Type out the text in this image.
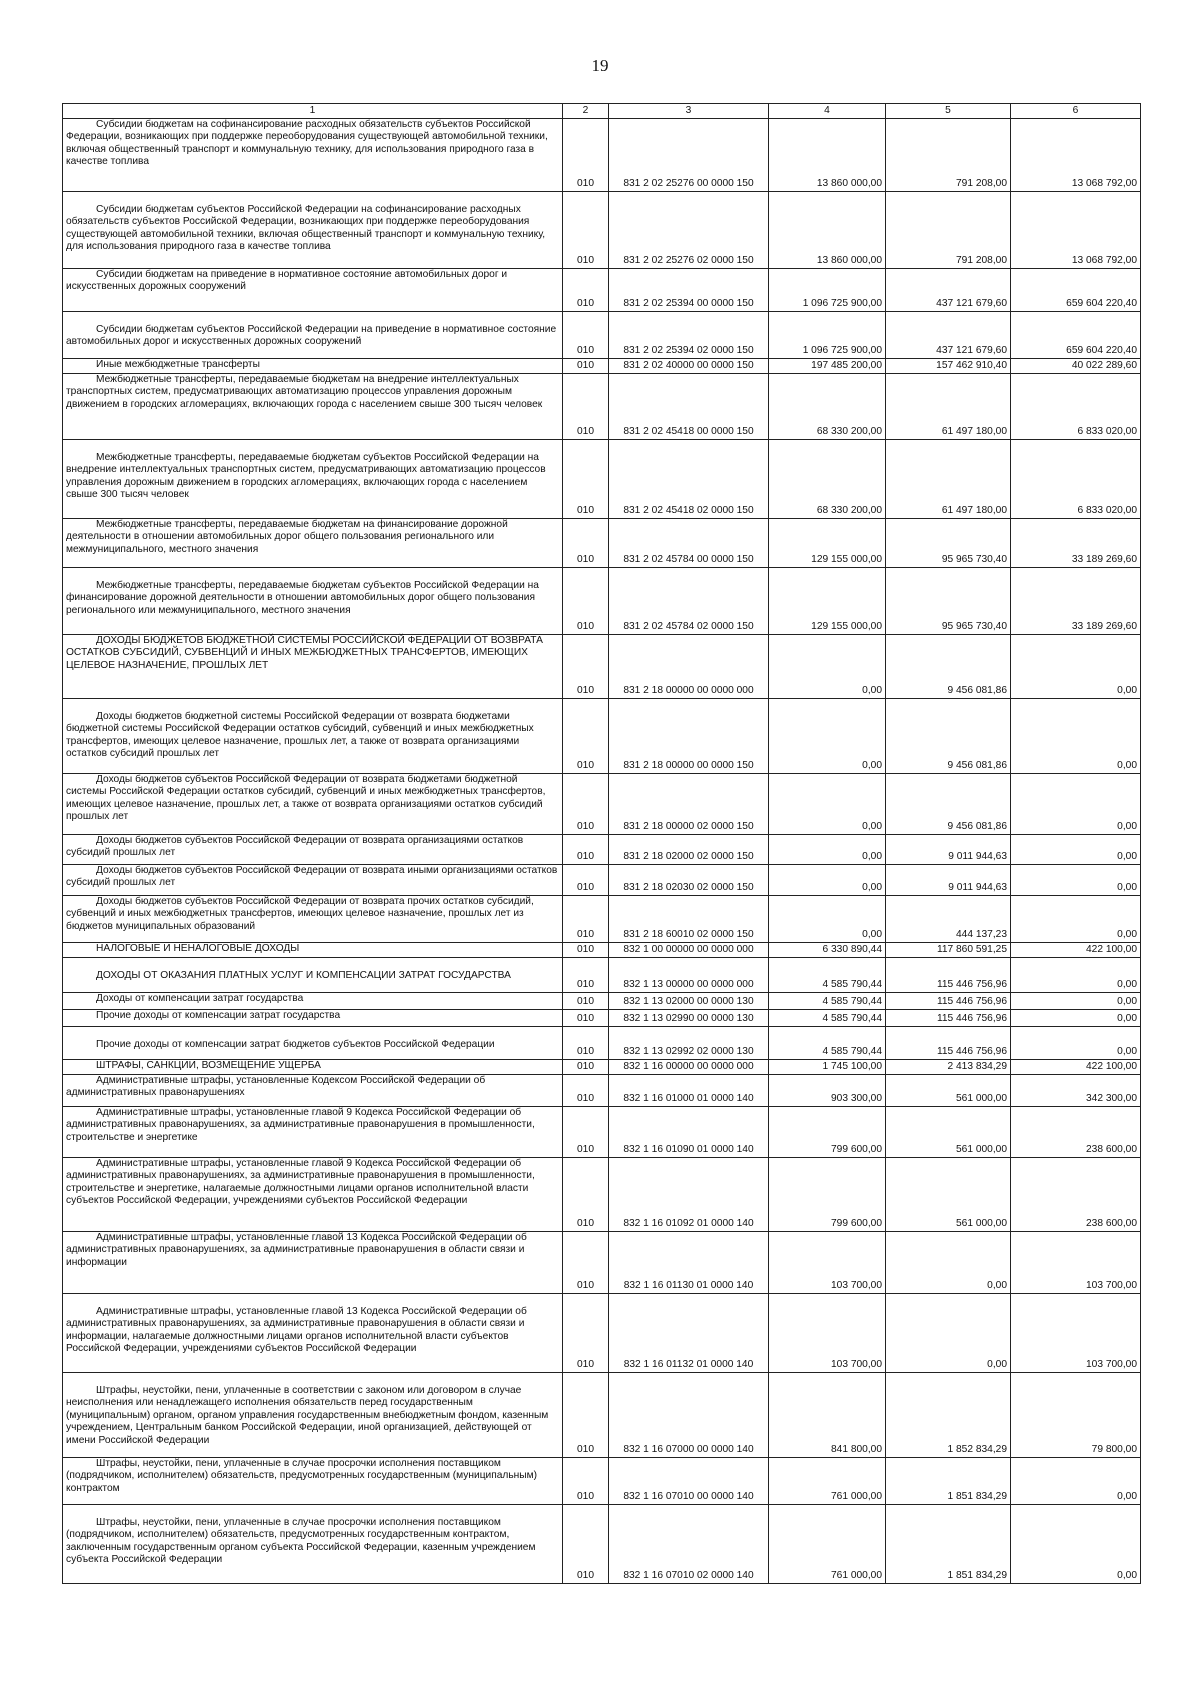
19
1	2	3	4	5	6

Субсидии бюджетам на софинансирование расходных обязательств субъектов Российской Федерации, возникающих при поддержке переоборудования существующей автомобильной техники, включая общественный транспорт и коммунальную технику, для использования природного газа в качестве топлива	010	831 2 02 25276 00 0000 150	13 860 000,00	791 208,00	13 068 792,00

Субсидии бюджетам субъектов Российской Федерации на софинансирование расходных обязательств субъектов Российской Федерации, возникающих при поддержке переоборудования существующей автомобильной техники, включая общественный транспорт и коммунальную технику, для использования природного газа в качестве топлива	010	831 2 02 25276 02 0000 150	13 860 000,00	791 208,00	13 068 792,00

Субсидии бюджетам на приведение в нормативное состояние автомобильных дорог и искусственных дорожных сооружений	010	831 2 02 25394 00 0000 150	1 096 725 900,00	437 121 679,60	659 604 220,40

Субсидии бюджетам субъектов Российской Федерации на приведение в нормативное состояние автомобильных дорог и искусственных дорожных сооружений	010	831 2 02 25394 02 0000 150	1 096 725 900,00	437 121 679,60	659 604 220,40

Иные межбюджетные трансферты	010	831 2 02 40000 00 0000 150	197 485 200,00	157 462 910,40	40 022 289,60

Межбюджетные трансферты, передаваемые бюджетам на внедрение интеллектуальных транспортных систем, предусматривающих автоматизацию процессов управления дорожным движением в городских агломерациях, включающих города с населением свыше 300 тысяч человек	010	831 2 02 45418 00 0000 150	68 330 200,00	61 497 180,00	6 833 020,00

Межбюджетные трансферты, передаваемые бюджетам субъектов Российской Федерации на внедрение интеллектуальных транспортных систем, предусматривающих автоматизацию процессов управления дорожным движением в городских агломерациях, включающих города с населением свыше 300 тысяч человек	010	831 2 02 45418 02 0000 150	68 330 200,00	61 497 180,00	6 833 020,00

Межбюджетные трансферты, передаваемые бюджетам на финансирование дорожной деятельности в отношении автомобильных дорог общего пользования регионального или межмуниципального, местного значения	010	831 2 02 45784 00 0000 150	129 155 000,00	95 965 730,40	33 189 269,60

Межбюджетные трансферты, передаваемые бюджетам субъектов Российской Федерации на финансирование дорожной деятельности в отношении автомобильных дорог общего пользования регионального или межмуниципального, местного значения	010	831 2 02 45784 02 0000 150	129 155 000,00	95 965 730,40	33 189 269,60

ДОХОДЫ БЮДЖЕТОВ БЮДЖЕТНОЙ СИСТЕМЫ РОССИЙСКОЙ ФЕДЕРАЦИИ ОТ ВОЗВРАТА ОСТАТКОВ СУБСИДИЙ, СУБВЕНЦИЙ И ИНЫХ МЕЖБЮДЖЕТНЫХ ТРАНСФЕРТОВ, ИМЕЮЩИХ ЦЕЛЕВОЕ НАЗНАЧЕНИЕ, ПРОШЛЫХ ЛЕТ	010	831 2 18 00000 00 0000 000	0,00	9 456 081,86	0,00

Доходы бюджетов бюджетной системы Российской Федерации от возврата бюджетами бюджетной системы Российской Федерации остатков субсидий, субвенций и иных межбюджетных трансфертов, имеющих целевое назначение, прошлых лет, а также от возврата организациями остатков субсидий прошлых лет	010	831 2 18 00000 00 0000 150	0,00	9 456 081,86	0,00

Доходы бюджетов субъектов Российской Федерации от возврата бюджетами бюджетной системы Российской Федерации остатков субсидий, субвенций и иных межбюджетных трансфертов, имеющих целевое назначение, прошлых лет, а также от возврата организациями остатков субсидий прошлых лет	010	831 2 18 00000 02 0000 150	0,00	9 456 081,86	0,00

Доходы бюджетов субъектов Российской Федерации от возврата организациями остатков субсидий прошлых лет	010	831 2 18 02000 02 0000 150	0,00	9 011 944,63	0,00

Доходы бюджетов субъектов Российской Федерации от возврата иными организациями остатков субсидий прошлых лет	010	831 2 18 02030 02 0000 150	0,00	9 011 944,63	0,00

Доходы бюджетов субъектов Российской Федерации от возврата прочих остатков субсидий, субвенций и иных межбюджетных трансфертов, имеющих целевое назначение, прошлых лет из бюджетов муниципальных образований	010	831 2 18 60010 02 0000 150	0,00	444 137,23	0,00

НАЛОГОВЫЕ И НЕНАЛОГОВЫЕ ДОХОДЫ	010	832 1 00 00000 00 0000 000	6 330 890,44	117 860 591,25	422 100,00

ДОХОДЫ ОТ ОКАЗАНИЯ ПЛАТНЫХ УСЛУГ И КОМПЕНСАЦИИ ЗАТРАТ ГОСУДАРСТВА	010	832 1 13 00000 00 0000 000	4 585 790,44	115 446 756,96	0,00

Доходы от компенсации затрат государства	010	832 1 13 02000 00 0000 130	4 585 790,44	115 446 756,96	0,00

Прочие доходы от компенсации затрат государства	010	832 1 13 02990 00 0000 130	4 585 790,44	115 446 756,96	0,00

Прочие доходы от компенсации затрат бюджетов субъектов Российской Федерации	010	832 1 13 02992 02 0000 130	4 585 790,44	115 446 756,96	0,00

ШТРАФЫ, САНКЦИИ, ВОЗМЕЩЕНИЕ УЩЕРБА	010	832 1 16 00000 00 0000 000	1 745 100,00	2 413 834,29	422 100,00

Административные штрафы, установленные Кодексом Российской Федерации об административных правонарушениях	010	832 1 16 01000 01 0000 140	903 300,00	561 000,00	342 300,00

Административные штрафы, установленные главой 9 Кодекса Российской Федерации об административных правонарушениях, за административные правонарушения в промышленности, строительстве и энергетике	010	832 1 16 01090 01 0000 140	799 600,00	561 000,00	238 600,00

Административные штрафы, установленные главой 9 Кодекса Российской Федерации об административных правонарушениях, за административные правонарушения в промышленности, строительстве и энергетике, налагаемые должностными лицами органов исполнительной власти субъектов Российской Федерации, учреждениями субъектов Российской Федерации	010	832 1 16 01092 01 0000 140	799 600,00	561 000,00	238 600,00

Административные штрафы, установленные главой 13 Кодекса Российской Федерации об административных правонарушениях, за административные правонарушения в области связи и информации	010	832 1 16 01130 01 0000 140	103 700,00	0,00	103 700,00

Административные штрафы, установленные главой 13 Кодекса Российской Федерации об административных правонарушениях, за административные правонарушения в области связи и информации, налагаемые должностными лицами органов исполнительной власти субъектов Российской Федерации, учреждениями субъектов Российской Федерации	010	832 1 16 01132 01 0000 140	103 700,00	0,00	103 700,00

Штрафы, неустойки, пени, уплаченные в соответствии с законом или договором в случае неисполнения или ненадлежащего исполнения обязательств перед государственным (муниципальным) органом, органом управления государственным внебюджетным фондом, казенным учреждением, Центральным банком Российской Федерации, иной организацией, действующей от имени Российской Федерации	010	832 1 16 07000 00 0000 140	841 800,00	1 852 834,29	79 800,00

Штрафы, неустойки, пени, уплаченные в случае просрочки исполнения поставщиком (подрядчиком, исполнителем) обязательств, предусмотренных государственным (муниципальным) контрактом	010	832 1 16 07010 00 0000 140	761 000,00	1 851 834,29	0,00

Штрафы, неустойки, пени, уплаченные в случае просрочки исполнения поставщиком (подрядчиком, исполнителем) обязательств, предусмотренных государственным контрактом, заключенным государственным органом субъекта Российской Федерации, казенным учреждением субъекта Российской Федерации	010	832 1 16 07010 02 0000 140	761 000,00	1 851 834,29	0,00
